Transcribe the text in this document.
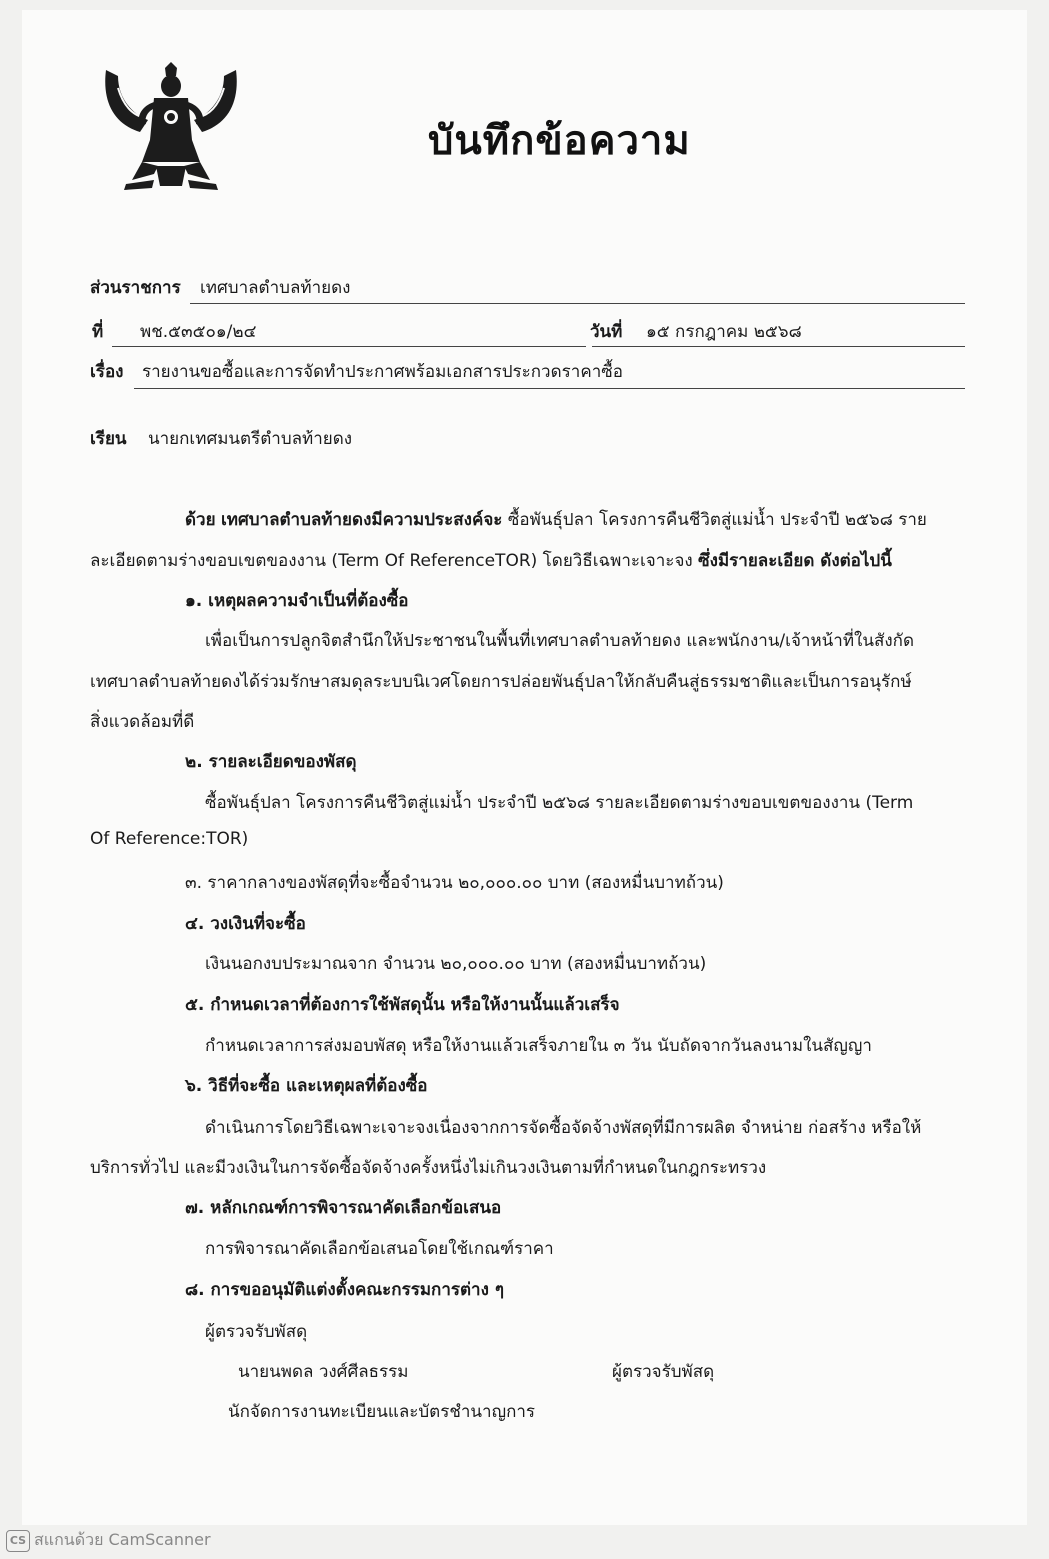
บันทึกข้อความ
ส่วนราชการ เทศบาลตำบลท้ายดง
ที่ พช.๕๓๕๐๑/๒๔	วันที่ ๑๕ กรกฎาคม ๒๕๖๘
เรื่อง รายงานขอซื้อและการจัดทำประกาศพร้อมเอกสารประกวดราคาซื้อ
เรียน นายกเทศมนตรีตำบลท้ายดง
ด้วย เทศบาลตำบลท้ายดงมีความประสงค์จะ ซื้อพันธุ์ปลา โครงการคืนชีวิตสู่แม่น้ำ ประจำปี ๒๕๖๘ ราย
ละเอียดตามร่างขอบเขตของงาน (Term Of ReferenceTOR) โดยวิธีเฉพาะเจาะจง ซึ่งมีรายละเอียด ดังต่อไปนี้
๑. เหตุผลความจำเป็นที่ต้องซื้อ
เพื่อเป็นการปลูกจิตสำนึกให้ประชาชนในพื้นที่เทศบาลตำบลท้ายดง และพนักงาน/เจ้าหน้าที่ในสังกัด
เทศบาลตำบลท้ายดงได้ร่วมรักษาสมดุลระบบนิเวศโดยการปล่อยพันธุ์ปลาให้กลับคืนสู่ธรรมชาติและเป็นการอนุรักษ์
สิ่งแวดล้อมที่ดี
๒. รายละเอียดของพัสดุ
ซื้อพันธุ์ปลา โครงการคืนชีวิตสู่แม่น้ำ ประจำปี ๒๕๖๘ รายละเอียดตามร่างขอบเขตของงาน (Term
Of Reference:TOR)
๓. ราคากลางของพัสดุที่จะซื้อจำนวน ๒๐,๐๐๐.๐๐ บาท (สองหมื่นบาทถ้วน)
๔. วงเงินที่จะซื้อ
เงินนอกงบประมาณจาก จำนวน ๒๐,๐๐๐.๐๐ บาท (สองหมื่นบาทถ้วน)
๕. กำหนดเวลาที่ต้องการใช้พัสดุนั้น หรือให้งานนั้นแล้วเสร็จ
กำหนดเวลาการส่งมอบพัสดุ หรือให้งานแล้วเสร็จภายใน ๓ วัน นับถัดจากวันลงนามในสัญญา
๖. วิธีที่จะซื้อ และเหตุผลที่ต้องซื้อ
ดำเนินการโดยวิธีเฉพาะเจาะจงเนื่องจากการจัดซื้อจัดจ้างพัสดุที่มีการผลิต จำหน่าย ก่อสร้าง หรือให้
บริการทั่วไป และมีวงเงินในการจัดซื้อจัดจ้างครั้งหนึ่งไม่เกินวงเงินตามที่กำหนดในกฎกระทรวง
๗. หลักเกณฑ์การพิจารณาคัดเลือกข้อเสนอ
การพิจารณาคัดเลือกข้อเสนอโดยใช้เกณฑ์ราคา
๘. การขออนุมัติแต่งตั้งคณะกรรมการต่าง ๆ
ผู้ตรวจรับพัสดุ
นายนพดล วงศ์ศีลธรรม	ผู้ตรวจรับพัสดุ
นักจัดการงานทะเบียนและบัตรชำนาญการ
CS สแกนด้วย CamScanner
